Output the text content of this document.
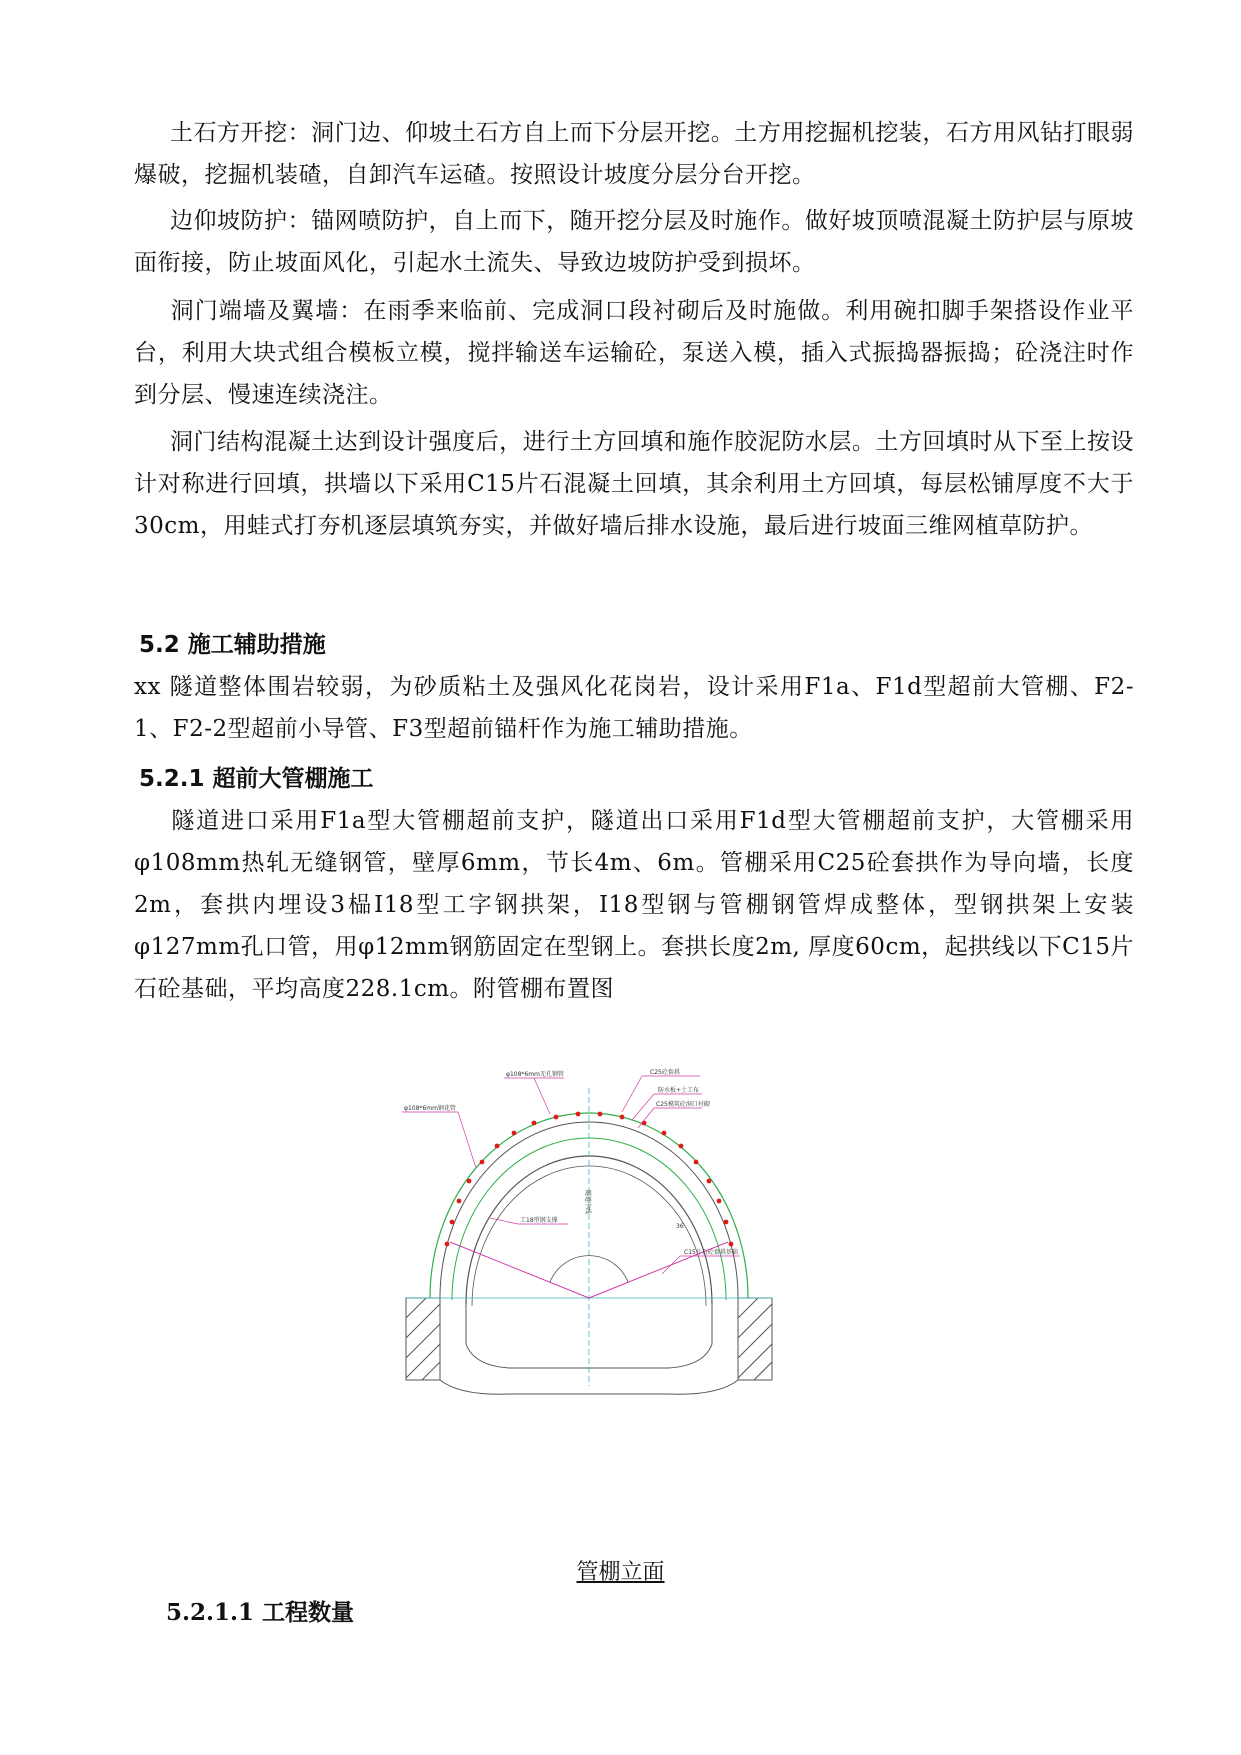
土石方开挖：洞门边、仰坡土石方自上而下分层开挖。土方用挖掘机挖装，石方用风钻打眼弱爆破，挖掘机装碴，自卸汽车运碴。按照设计坡度分层分台开挖。

边仰坡防护：锚网喷防护，自上而下，随开挖分层及时施作。做好坡顶喷混凝土防护层与原坡面衔接，防止坡面风化，引起水土流失、导致边坡防护受到损坏。

洞门端墙及翼墙：在雨季来临前、完成洞口段衬砌后及时施做。利用碗扣脚手架搭设作业平台，利用大块式组合模板立模，搅拌输送车运输砼，泵送入模，插入式振捣器振捣；砼浇注时作到分层、慢速连续浇注。

洞门结构混凝土达到设计强度后，进行土方回填和施作胶泥防水层。土方回填时从下至上按设计对称进行回填，拱墙以下采用C15片石混凝土回填，其余利用土方回填，每层松铺厚度不大于30cm，用蛙式打夯机逐层填筑夯实，并做好墙后排水设施，最后进行坡面三维网植草防护。

5.2 施工辅助措施

xx 隧道整体围岩较弱，为砂质粘土及强风化花岗岩，设计采用F1a、F1d型超前大管棚、F2-1、F2-2型超前小导管、F3型超前锚杆作为施工辅助措施。

5.2.1 超前大管棚施工

隧道进口采用F1a型大管棚超前支护，隧道出口采用F1d型大管棚超前支护，大管棚采用φ108mm热轧无缝钢管，壁厚6mm，节长4m、6m。管棚采用C25砼套拱作为导向墙，长度2m，套拱内埋设3榀I18型工字钢拱架，I18型钢与管棚钢管焊成整体，型钢拱架上安装φ127mm孔口管，用φ12mm钢筋固定在型钢上。套拱长度2m, 厚度60cm，起拱线以下C15片石砼基础，平均高度228.1cm。附管棚布置图

φ108*6mm无孔钢管
φ108*6mm钢花管
C25砼套拱
防水板+土工布
C25模筑砼洞口衬砌
工18型钢支撑
36
C15片石砼套拱基础
隧道中线
管棚立面
5.2.1.1 工程数量
